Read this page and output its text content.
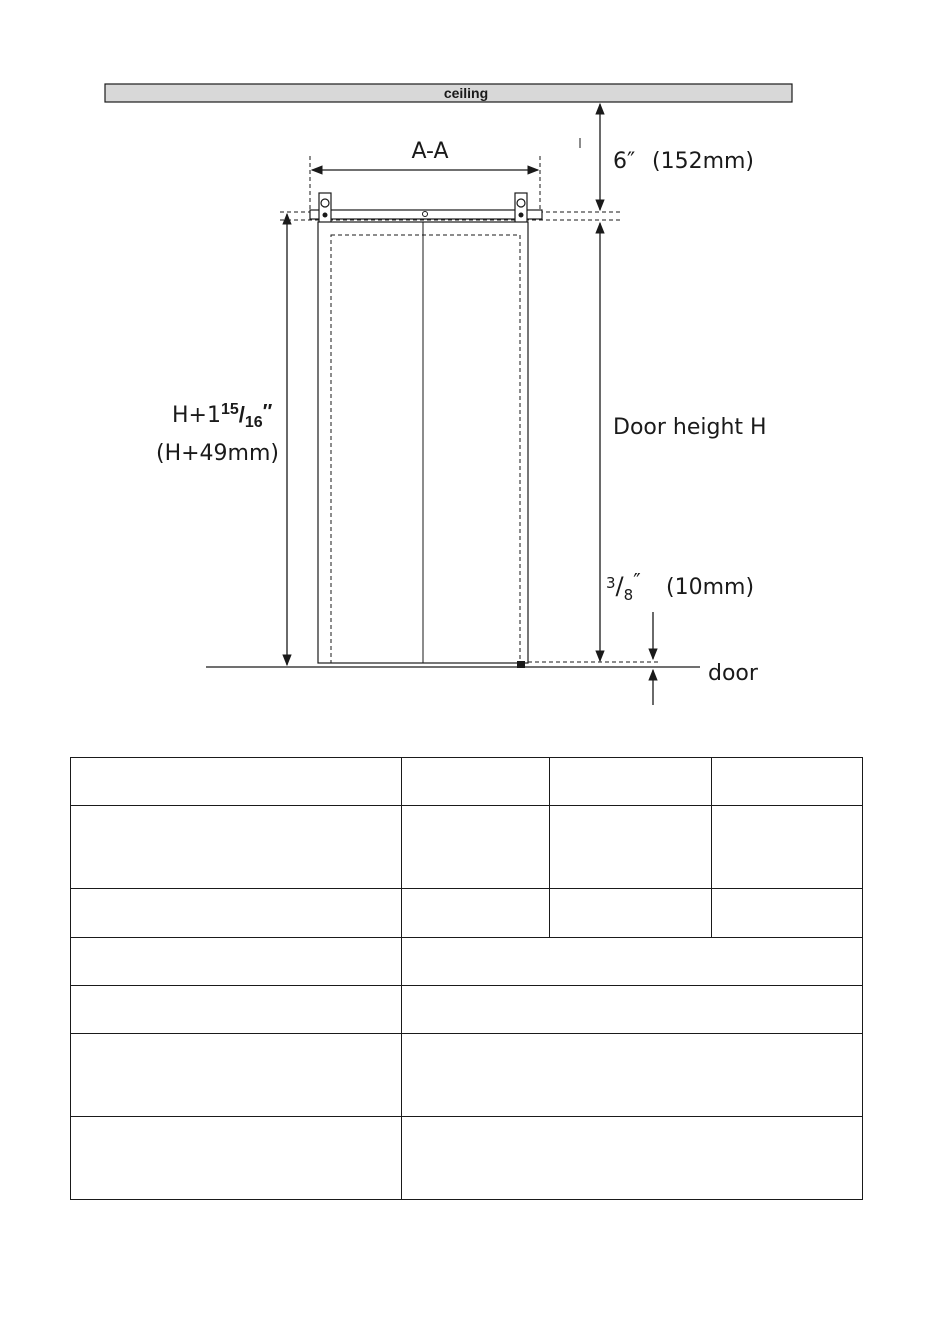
ceiling
A-A
door
6″ (152mm)
Door height H
$H+1^{15}/_{16}''$
(H+49mm)
$^3/_8''$ (10mm)
